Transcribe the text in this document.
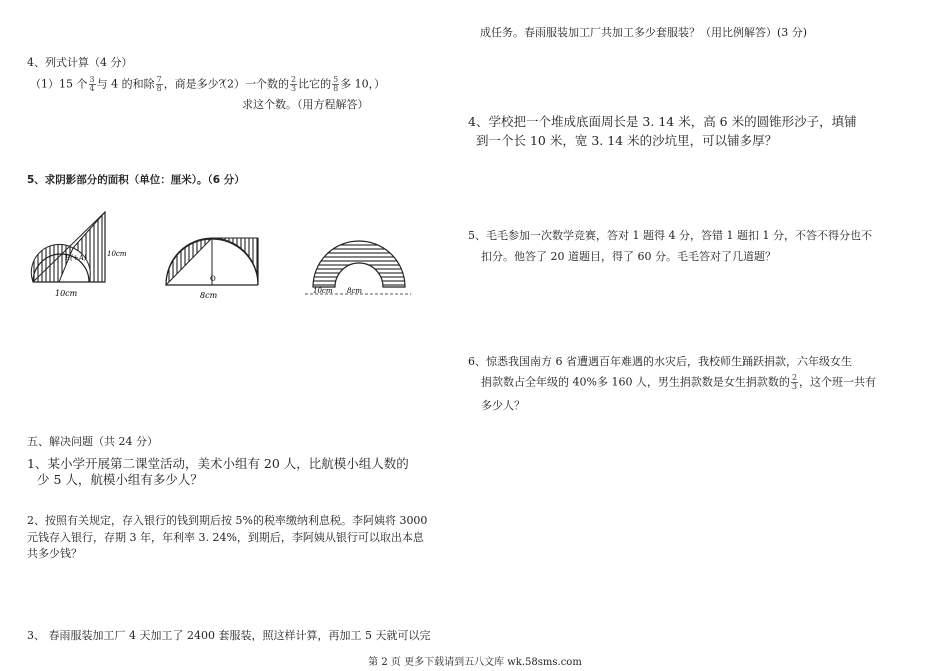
成任务。春雨服装加工厂共加工多少套服装？（用比例解答）(3 分)
4、学校把一个堆成底面周长是 3. 14 米，高 6 米的圆锥形沙子，填铺
到一个长 10 米，宽 3. 14 米的沙坑里，可以铺多厚？
5、毛毛参加一次数学竞赛，答对 1 题得 4 分，答错 1 题扣 1 分，不答不得分也不
扣分。他答了 20 道题目，得了 60 分。毛毛答对了几道题？
6、惊悉我国南方 6 省遭遇百年难遇的水灾后，我校师生踊跃捐款，六年级女生
捐款数占全年级的 40%多 160 人，男生捐款数是女生捐款数的 $\frac{2}{3}$ ，这个班一共有
多少人？
4、列式计算（4 分）
（1）15 个 $\frac{3}{4}$ 与 4 的和除 $\frac{7}{8}$ ，商是多少？
（2）一个数的 $\frac{2}{3}$ 比它的 $\frac{5}{8}$ 多 10，）
求这个数。（用方程解答）
5、求阴影部分的面积（单位：厘米）。（6 分）
10cm
10cm
E(+A)
O
8cm	10cm 8cm
五、解决问题（共 24 分）
1、某小学开展第二课堂活动，美术小组有 20 人，比航模小组人数的
少 5 人，航模小组有多少人？
2、按照有关规定，存入银行的钱到期后按 5%的税率缴纳利息税。李阿姨将 3000
元钱存入银行，存期 3 年，年利率 3. 24%，到期后，李阿姨从银行可以取出本息
共多少钱？
3、 春雨服装加工厂 4 天加工了 2400 套服装，照这样计算，再加工 5 天就可以完
第 2 页 更多下载请到五八文库 wk.58sms.com
